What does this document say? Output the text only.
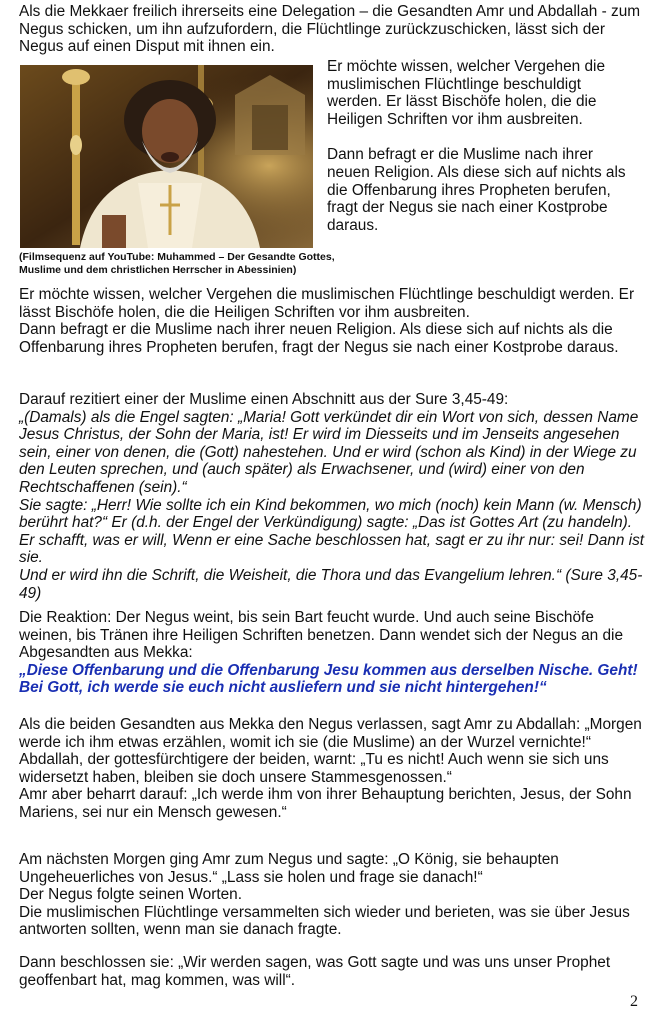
Als die Mekkaer freilich ihrerseits eine Delegation – die Gesandten Amr und Abdallah - zum Negus schicken, um ihn aufzufordern, die Flüchtlinge zurückzuschicken, lässt sich der Negus auf einen Disput mit ihnen ein.

Er möchte wissen, welcher Vergehen die muslimischen Flüchtlinge beschuldigt werden. Er lässt Bischöfe holen, die die Heiligen Schriften vor ihm ausbreiten.
Dann befragt er die Muslime nach ihrer neuen Religion. Als diese sich auf nichts als die Offenbarung ihres Propheten berufen, fragt der Negus sie nach einer Kostprobe daraus.
(Filmsequenz auf YouTube: Muhammed – Der Gesandte Gottes, Muslime und dem christlichen Herrscher in Abessinien)
Er möchte wissen, welcher Vergehen die muslimischen Flüchtlinge beschuldigt werden. Er lässt Bischöfe holen, die die Heiligen Schriften vor ihm ausbreiten.
Dann befragt er die Muslime nach ihrer neuen Religion. Als diese sich auf nichts als die Offenbarung ihres Propheten berufen, fragt der Negus sie nach einer Kostprobe daraus.
Darauf rezitiert einer der Muslime einen Abschnitt aus der Sure 3,45-49:
„(Damals) als die Engel sagten: „Maria! Gott verkündet dir ein Wort von sich, dessen Name Jesus Christus, der Sohn der Maria, ist! Er wird im Diesseits und im Jenseits angesehen sein, einer von denen, die (Gott) nahestehen. Und er wird (schon als Kind) in der Wiege zu den Leuten sprechen, und (auch später) als Erwachsener, und (wird) einer von den Rechtschaffenen (sein).“
Sie sagte: „Herr! Wie sollte ich ein Kind bekommen, wo mich (noch) kein Mann (w. Mensch) berührt hat?“ Er (d.h. der Engel der Verkündigung) sagte: „Das ist Gottes Art (zu handeln). Er schafft, was er will, Wenn er eine Sache beschlossen hat, sagt er zu ihr nur: sei! Dann ist sie.
Und er wird ihn die Schrift, die Weisheit, die Thora und das Evangelium lehren.“ (Sure 3,45-49)
Die Reaktion: Der Negus weint, bis sein Bart feucht wurde. Und auch seine Bischöfe weinen, bis Tränen ihre Heiligen Schriften benetzen. Dann wendet sich der Negus an die Abgesandten aus Mekka:
„Diese Offenbarung und die Offenbarung Jesu kommen aus derselben Nische. Geht! Bei Gott, ich werde sie euch nicht ausliefern und sie nicht hintergehen!“
Als die beiden Gesandten aus Mekka den Negus verlassen, sagt Amr zu Abdallah: „Morgen werde ich ihm etwas erzählen, womit ich sie (die Muslime) an der Wurzel vernichte!“
Abdallah, der gottesfürchtigere der beiden, warnt: „Tu es nicht! Auch wenn sie sich uns widersetzt haben, bleiben sie doch unsere Stammesgenossen.“
Amr aber beharrt darauf: „Ich werde ihm von ihrer Behauptung berichten, Jesus, der Sohn Mariens, sei nur ein Mensch gewesen.“
Am nächsten Morgen ging Amr zum Negus und sagte: „O König, sie behaupten Ungeheuerliches von Jesus.“ „Lass sie holen und frage sie danach!“
Der Negus folgte seinen Worten.
Die muslimischen Flüchtlinge versammelten sich wieder und berieten, was sie über Jesus antworten sollten, wenn man sie danach fragte.

Dann beschlossen sie: „Wir werden sagen, was Gott sagte und was uns unser Prophet geoffenbart hat, mag kommen, was will“.

2
